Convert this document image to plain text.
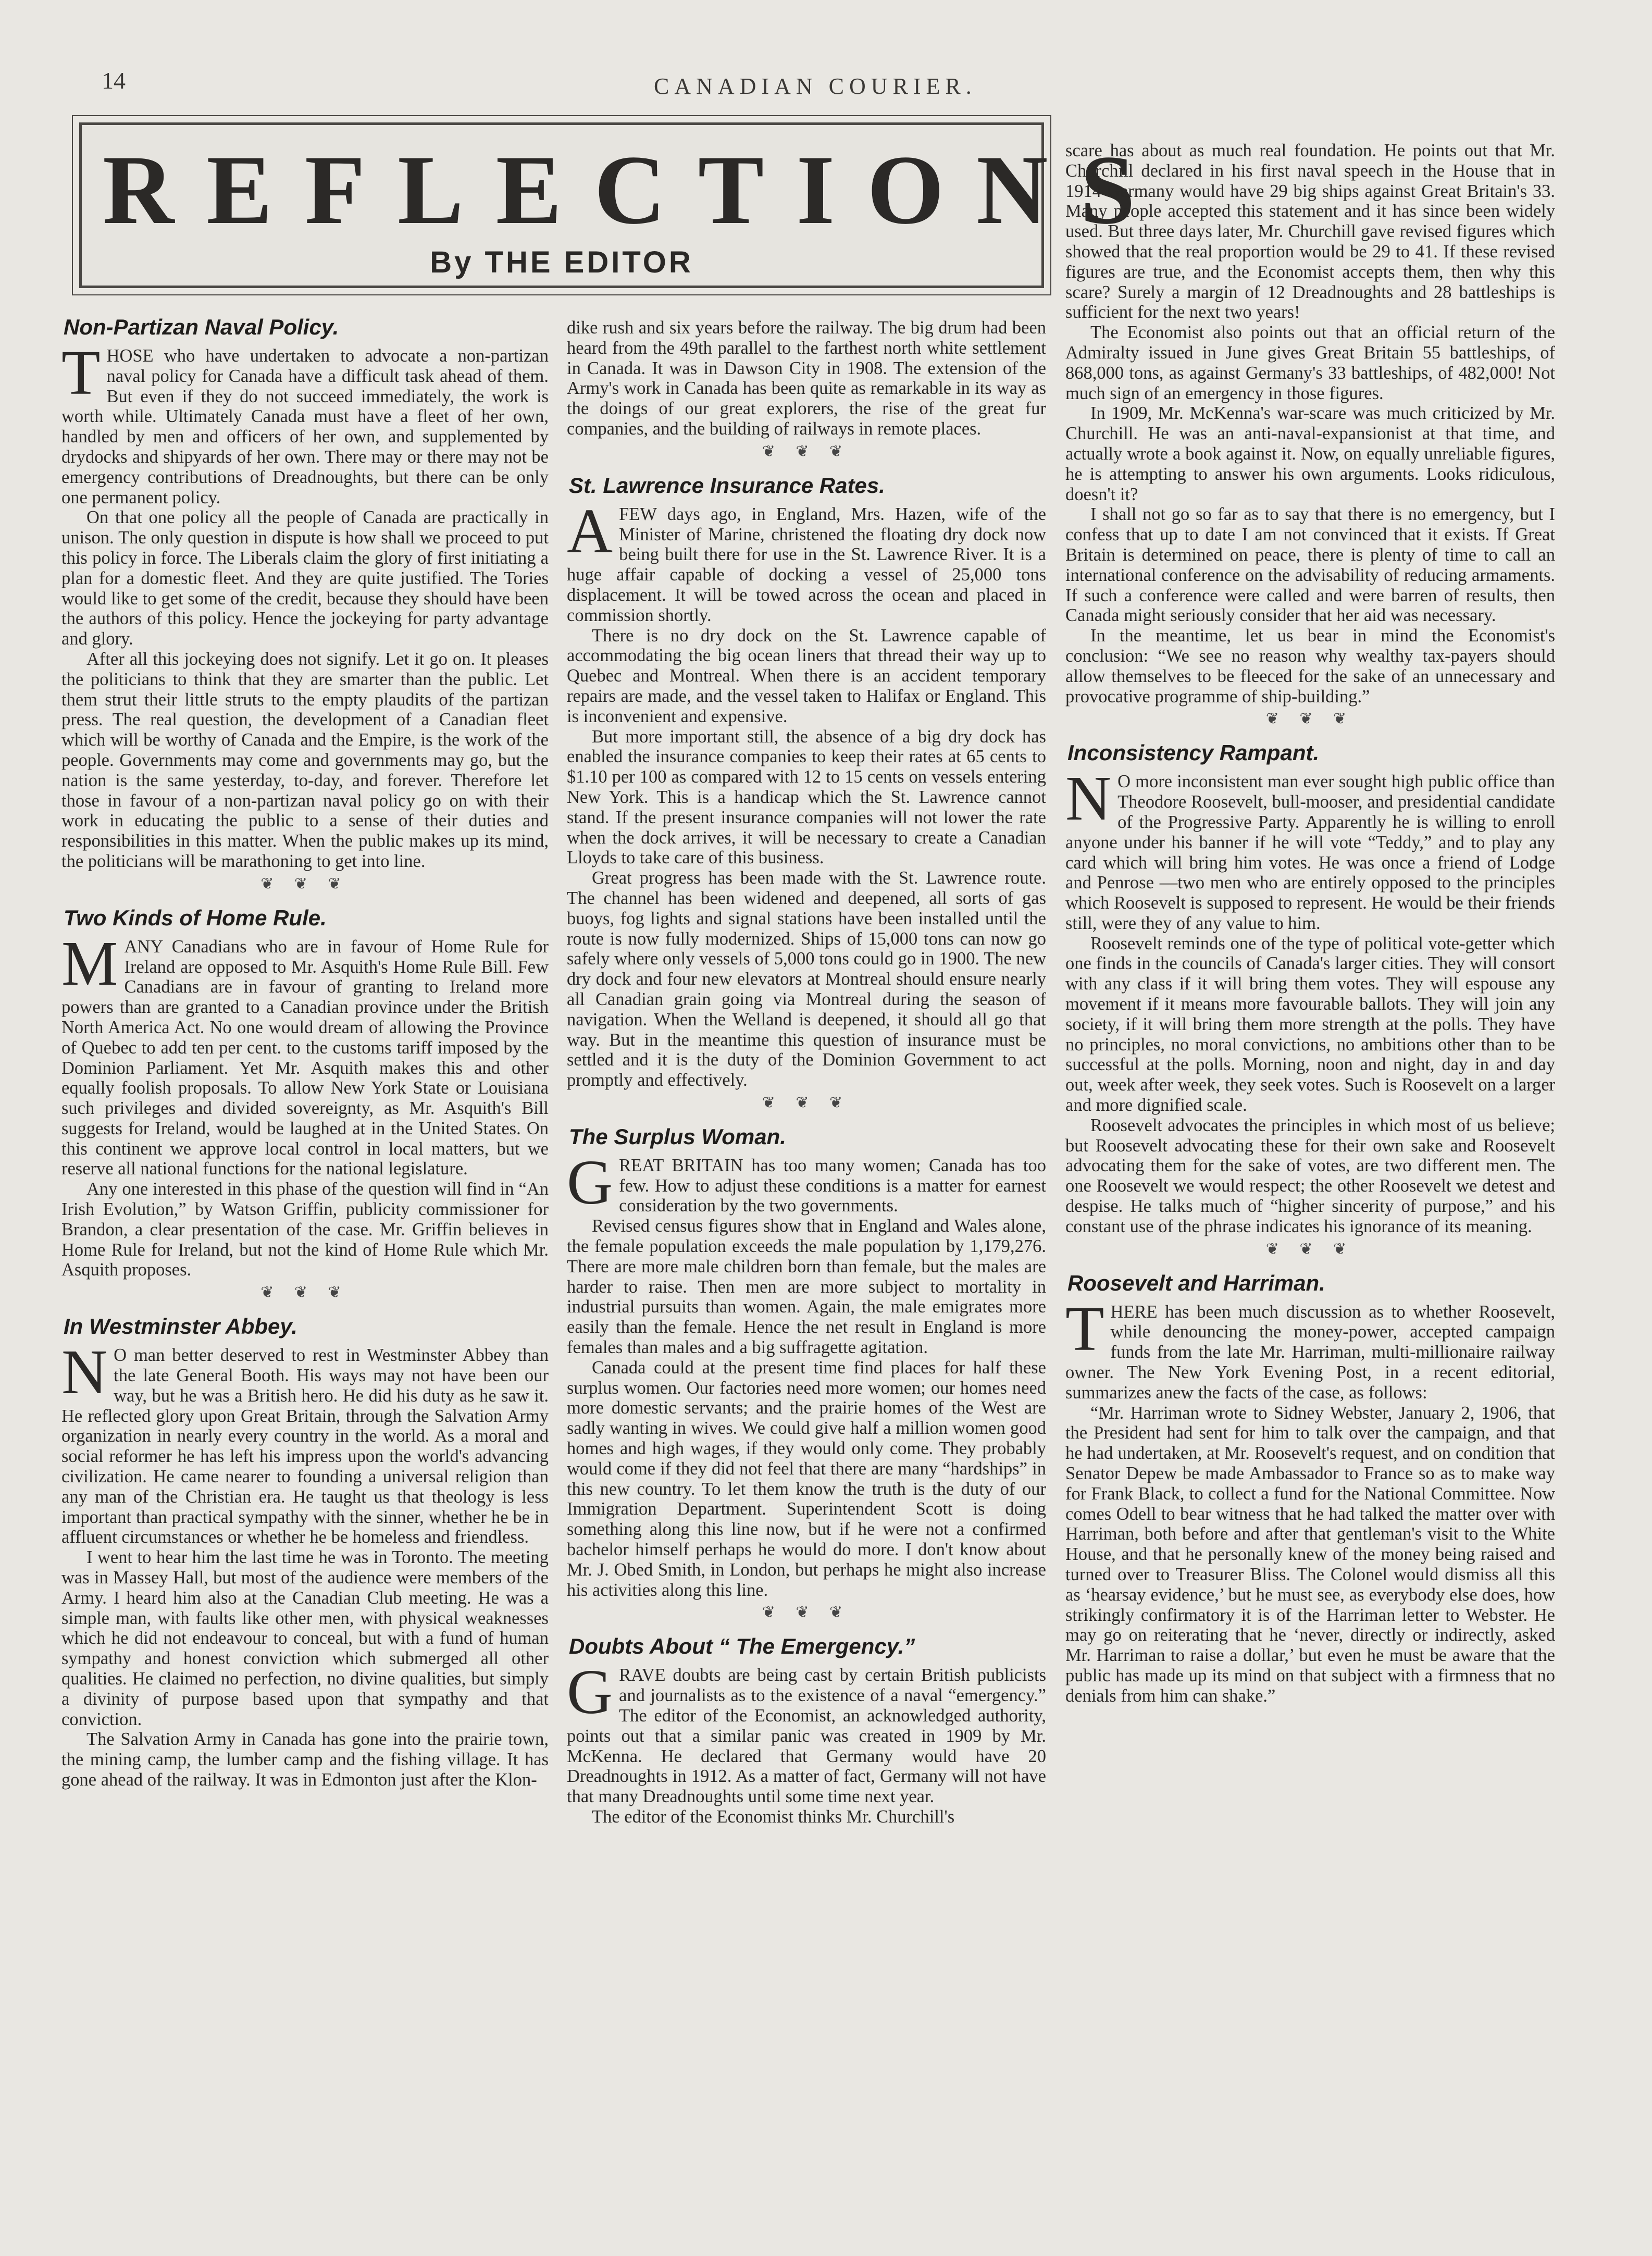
14	CANADIAN COURIER.
REFLECTIONS
By THE EDITOR
Non-Partizan Naval Policy.

THOSE who have undertaken to advocate a non-partizan naval policy for Canada have a difficult task ahead of them. But even if they do not succeed immediately, the work is worth while. Ultimately Canada must have a fleet of her own, handled by men and officers of her own, and supplemented by drydocks and shipyards of her own. There may or there may not be emergency contributions of Dreadnoughts, but there can be only one permanent policy.

On that one policy all the people of Canada are practically in unison. The only question in dispute is how shall we proceed to put this policy in force. The Liberals claim the glory of first initiating a plan for a domestic fleet. And they are quite justified. The Tories would like to get some of the credit, because they should have been the authors of this policy. Hence the jockeying for party advantage and glory.

After all this jockeying does not signify. Let it go on. It pleases the politicians to think that they are smarter than the public. Let them strut their little struts to the empty plaudits of the partizan press. The real question, the development of a Canadian fleet which will be worthy of Canada and the Empire, is the work of the people. Governments may come and governments may go, but the nation is the same yesterday, to-day, and forever. Therefore let those in favour of a non-partizan naval policy go on with their work in educating the public to a sense of their duties and responsibilities in this matter. When the public makes up its mind, the politicians will be marathoning to get into line.

❦ ❦ ❦
Two Kinds of Home Rule.

MANY Canadians who are in favour of Home Rule for Ireland are opposed to Mr. Asquith's Home Rule Bill. Few Canadians are in favour of granting to Ireland more powers than are granted to a Canadian province under the British North America Act. No one would dream of allowing the Province of Quebec to add ten per cent. to the customs tariff imposed by the Dominion Parliament. Yet Mr. Asquith makes this and other equally foolish proposals. To allow New York State or Louisiana such privileges and divided sovereignty, as Mr. Asquith's Bill suggests for Ireland, would be laughed at in the United States. On this continent we approve local control in local matters, but we reserve all national functions for the national legislature.

Any one interested in this phase of the question will find in “An Irish Evolution,” by Watson Griffin, publicity commissioner for Brandon, a clear presentation of the case. Mr. Griffin believes in Home Rule for Ireland, but not the kind of Home Rule which Mr. Asquith proposes.

❦ ❦ ❦
In Westminster Abbey.

N O man better deserved to rest in Westminster Abbey than the late General Booth. His ways may not have been our way, but he was a British hero. He did his duty as he saw it. He reflected glory upon Great Britain, through the Salvation Army organization in nearly every country in the world. As a moral and social reformer he has left his impress upon the world's advancing civilization. He came nearer to founding a universal religion than any man of the Christian era. He taught us that theology is less important than practical sympathy with the sinner, whether he be in affluent circumstances or whether he be homeless and friendless.

I went to hear him the last time he was in Toronto. The meeting was in Massey Hall, but most of the audience were members of the Army. I heard him also at the Canadian Club meeting. He was a simple man, with faults like other men, with physical weaknesses which he did not endeavour to conceal, but with a fund of human sympathy and honest conviction which submerged all other qualities. He claimed no perfection, no divine qualities, but simply a divinity of purpose based upon that sympathy and that conviction.

The Salvation Army in Canada has gone into the prairie town, the mining camp, the lumber camp and the fishing village. It has gone ahead of the railway. It was in Edmonton just after the Klon-

dike rush and six years before the railway. The big drum had been heard from the 49th parallel to the farthest north white settlement in Canada. It was in Dawson City in 1908. The extension of the Army's work in Canada has been quite as remarkable in its way as the doings of our great explorers, the rise of the great fur companies, and the building of railways in remote places.

❦ ❦ ❦
St. Lawrence Insurance Rates.

A FEW days ago, in England, Mrs. Hazen, wife of the Minister of Marine, christened the floating dry dock now being built there for use in the St. Lawrence River. It is a huge affair capable of docking a vessel of 25,000 tons displacement. It will be towed across the ocean and placed in commission shortly.

There is no dry dock on the St. Lawrence capable of accommodating the big ocean liners that thread their way up to Quebec and Montreal. When there is an accident temporary repairs are made, and the vessel taken to Halifax or England. This is inconvenient and expensive.

But more important still, the absence of a big dry dock has enabled the insurance companies to keep their rates at 65 cents to $1.10 per 100 as compared with 12 to 15 cents on vessels entering New York. This is a handicap which the St. Lawrence cannot stand. If the present insurance companies will not lower the rate when the dock arrives, it will be necessary to create a Canadian Lloyds to take care of this business.

Great progress has been made with the St. Lawrence route. The channel has been widened and deepened, all sorts of gas buoys, fog lights and signal stations have been installed until the route is now fully modernized. Ships of 15,000 tons can now go safely where only vessels of 5,000 tons could go in 1900. The new dry dock and four new elevators at Montreal should ensure nearly all Canadian grain going via Montreal during the season of navigation. When the Welland is deepened, it should all go that way. But in the meantime this question of insurance must be settled and it is the duty of the Dominion Government to act promptly and effectively.

❦ ❦ ❦
The Surplus Woman.

GREAT BRITAIN has too many women; Canada has too few. How to adjust these conditions is a matter for earnest consideration by the two governments.

Revised census figures show that in England and Wales alone, the female population exceeds the male population by 1,179,276. There are more male children born than female, but the males are harder to raise. Then men are more subject to mortality in industrial pursuits than women. Again, the male emigrates more easily than the female. Hence the net result in England is more females than males and a big suffragette agitation.

Canada could at the present time find places for half these surplus women. Our factories need more women; our homes need more domestic servants; and the prairie homes of the West are sadly wanting in wives. We could give half a million women good homes and high wages, if they would only come. They probably would come if they did not feel that there are many “hardships” in this new country. To let them know the truth is the duty of our Immigration Department. Superintendent Scott is doing something along this line now, but if he were not a confirmed bachelor himself perhaps he would do more. I don't know about Mr. J. Obed Smith, in London, but perhaps he might also increase his activities along this line.

❦ ❦ ❦
Doubts About “ The Emergency.”

GRAVE doubts are being cast by certain British publicists and journalists as to the existence of a naval “emergency.” The editor of the Economist, an acknowledged authority, points out that a similar panic was created in 1909 by Mr. McKenna. He declared that Germany would have 20 Dreadnoughts in 1912. As a matter of fact, Germany will not have that many Dreadnoughts until some time next year.

The editor of the Economist thinks Mr. Churchill's

scare has about as much real foundation. He points out that Mr. Churchill declared in his first naval speech in the House that in 1914 Germany would have 29 big ships against Great Britain's 33. Many people accepted this statement and it has since been widely used. But three days later, Mr. Churchill gave revised figures which showed that the real proportion would be 29 to 41. If these revised figures are true, and the Economist accepts them, then why this scare? Surely a margin of 12 Dreadnoughts and 28 battleships is sufficient for the next two years!

The Economist also points out that an official return of the Admiralty issued in June gives Great Britain 55 battleships, of 868,000 tons, as against Germany's 33 battleships, of 482,000! Not much sign of an emergency in those figures.

In 1909, Mr. McKenna's war-scare was much criticized by Mr. Churchill. He was an anti-naval-expansionist at that time, and actually wrote a book against it. Now, on equally unreliable figures, he is attempting to answer his own arguments. Looks ridiculous, doesn't it?

I shall not go so far as to say that there is no emergency, but I confess that up to date I am not convinced that it exists. If Great Britain is determined on peace, there is plenty of time to call an international conference on the advisability of reducing armaments. If such a conference were called and were barren of results, then Canada might seriously consider that her aid was necessary.

In the meantime, let us bear in mind the Economist's conclusion: “We see no reason why wealthy tax-payers should allow themselves to be fleeced for the sake of an unnecessary and provocative programme of ship-building.”

❦ ❦ ❦
Inconsistency Rampant.

N O more inconsistent man ever sought high public office than Theodore Roosevelt, bull-mooser, and presidential candidate of the Progressive Party. Apparently he is willing to enroll anyone under his banner if he will vote “Teddy,” and to play any card which will bring him votes. He was once a friend of Lodge and Penrose —two men who are entirely opposed to the principles which Roosevelt is supposed to represent. He would be their friends still, were they of any value to him.

Roosevelt reminds one of the type of political vote-getter which one finds in the councils of Canada's larger cities. They will consort with any class if it will bring them votes. They will espouse any movement if it means more favourable ballots. They will join any society, if it will bring them more strength at the polls. They have no principles, no moral convictions, no ambitions other than to be successful at the polls. Morning, noon and night, day in and day out, week after week, they seek votes. Such is Roosevelt on a larger and more dignified scale.

Roosevelt advocates the principles in which most of us believe; but Roosevelt advocating these for their own sake and Roosevelt advocating them for the sake of votes, are two different men. The one Roosevelt we would respect; the other Roosevelt we detest and despise. He talks much of “higher sincerity of purpose,” and his constant use of the phrase indicates his ignorance of its meaning.

❦ ❦ ❦
Roosevelt and Harriman.

THERE has been much discussion as to whether Roosevelt, while denouncing the money-power, accepted campaign funds from the late Mr. Harriman, multi-millionaire railway owner. The New York Evening Post, in a recent editorial, summarizes anew the facts of the case, as follows:

“Mr. Harriman wrote to Sidney Webster, January 2, 1906, that the President had sent for him to talk over the campaign, and that he had undertaken, at Mr. Roosevelt's request, and on condition that Senator Depew be made Ambassador to France so as to make way for Frank Black, to collect a fund for the National Committee. Now comes Odell to bear witness that he had talked the matter over with Harriman, both before and after that gentleman's visit to the White House, and that he personally knew of the money being raised and turned over to Treasurer Bliss. The Colonel would dismiss all this as ‘hearsay evidence,’ but he must see, as everybody else does, how strikingly confirmatory it is of the Harriman letter to Webster. He may go on reiterating that he ‘never, directly or indirectly, asked Mr. Harriman to raise a dollar,’ but even he must be aware that the public has made up its mind on that subject with a firmness that no denials from him can shake.”
